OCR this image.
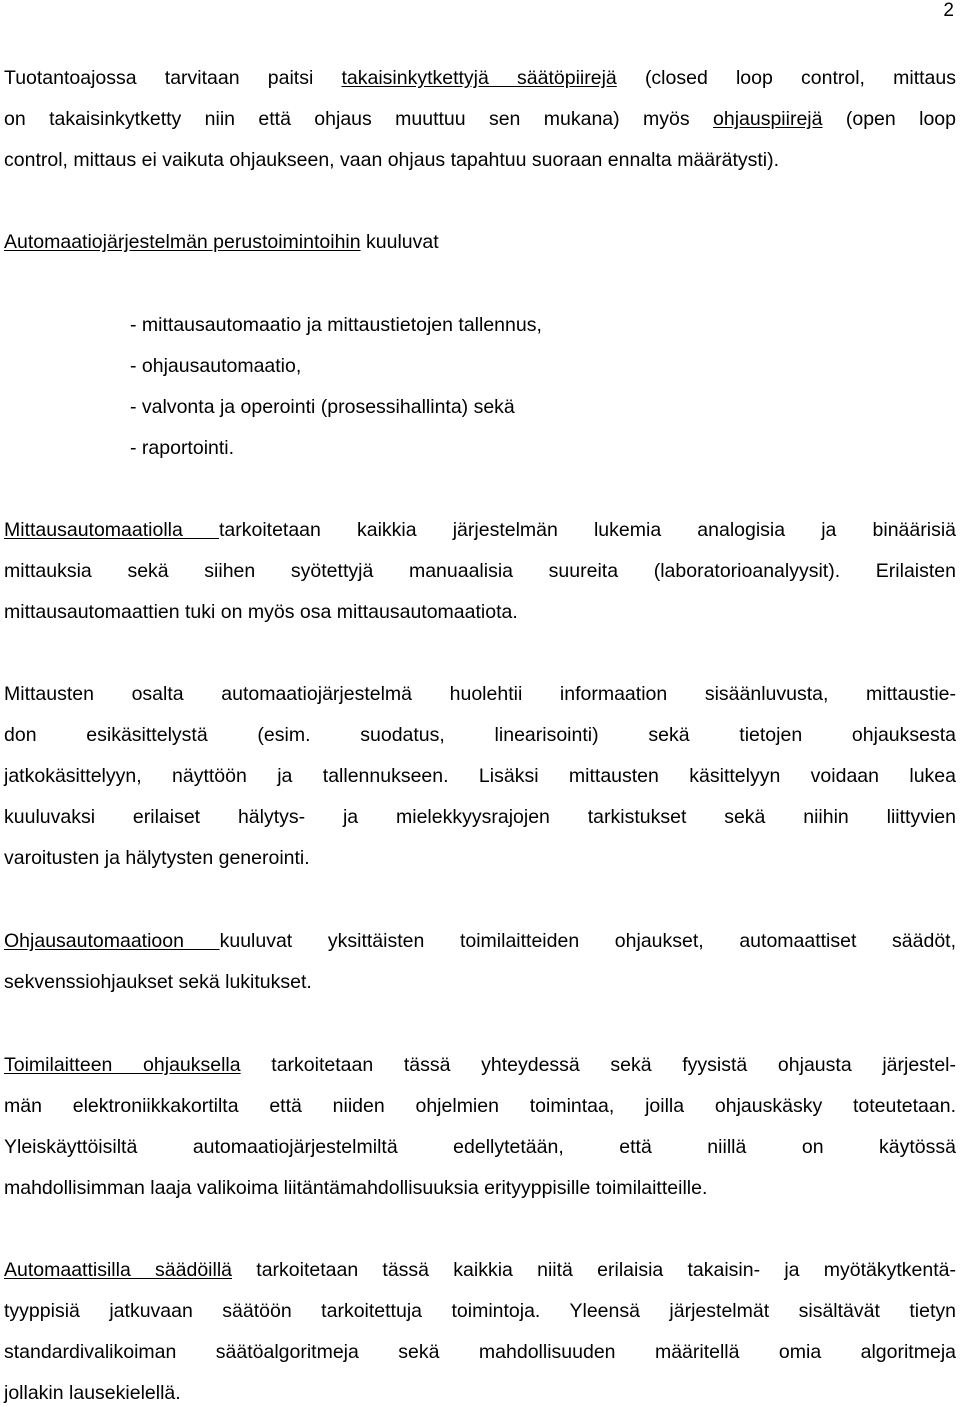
2
Tuotantoajossa tarvitaan paitsi takaisinkytkettyjä säätöpiirejä (closed loop control, mittaus
on takaisinkytketty niin että ohjaus muuttuu sen mukana) myös ohjauspiirejä (open loop
control, mittaus ei vaikuta ohjaukseen, vaan ohjaus tapahtuu suoraan ennalta määrätysti).
Automaatiojärjestelmän perustoimintoihin kuuluvat
- mittausautomaatio ja mittaustietojen tallennus,
- ohjausautomaatio,
- valvonta ja operointi (prosessihallinta) sekä
- raportointi.
Mittausautomaatiolla tarkoitetaan kaikkia järjestelmän lukemia analogisia ja binäärisiä
mittauksia sekä siihen syötettyjä manuaalisia suureita (laboratorioanalyysit). Erilaisten
mittausautomaattien tuki on myös osa mittausautomaatiota.
Mittausten osalta automaatiojärjestelmä huolehtii informaation sisäänluvusta, mittaustie-
don esikäsittelystä (esim. suodatus, linearisointi) sekä tietojen ohjauksesta
jatkokäsittelyyn, näyttöön ja tallennukseen. Lisäksi mittausten käsittelyyn voidaan lukea
kuuluvaksi erilaiset hälytys- ja mielekkyysrajojen tarkistukset sekä niihin liittyvien
varoitusten ja hälytysten generointi.
Ohjausautomaatioon kuuluvat yksittäisten toimilaitteiden ohjaukset, automaattiset säädöt,
sekvenssiohjaukset sekä lukitukset.
Toimilaitteen ohjauksella tarkoitetaan tässä yhteydessä sekä fyysistä ohjausta järjestel-
män elektroniikkakortilta että niiden ohjelmien toimintaa, joilla ohjauskäsky toteutetaan.
Yleiskäyttöisiltä automaatiojärjestelmiltä edellytetään, että niillä on käytössä
mahdollisimman laaja valikoima liitäntämahdollisuuksia erityyppisille toimilaitteille.
Automaattisilla säädöillä tarkoitetaan tässä kaikkia niitä erilaisia takaisin- ja myötäkytkentä-
tyyppisiä jatkuvaan säätöön tarkoitettuja toimintoja. Yleensä järjestelmät sisältävät tietyn
standardivalikoiman säätöalgoritmeja sekä mahdollisuuden määritellä omia algoritmeja
jollakin lausekielellä.
